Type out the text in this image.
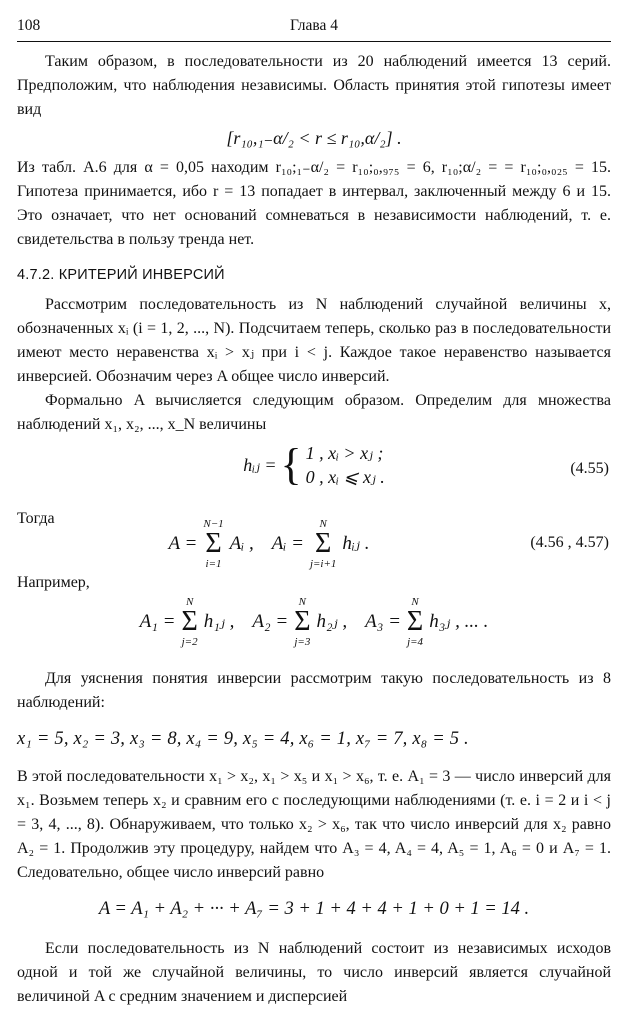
108	Глава 4

Таким образом, в последовательности из 20 наблюдений имеется 13 серий. Предположим, что наблюдения независимы. Область принятия этой гипотезы имеет вид

[r₁₀,₁₋α/₂ < r ≤ r₁₀,α/₂] .

Из табл. А.6 для α = 0,05 находим r₁₀;₁₋α/₂ = r₁₀;₀,₉₇₅ = 6, r₁₀;α/₂ = = r₁₀;₀,₀₂₅ = 15. Гипотеза принимается, ибо r = 13 попадает в интервал, заключенный между 6 и 15. Это означает, что нет оснований сомневаться в независимости наблюдений, т. е. свидетельства в пользу тренда нет.

4.7.2. КРИТЕРИЙ ИНВЕРСИЙ

Рассмотрим последовательность из N наблюдений случайной величины x, обозначенных xᵢ (i = 1, 2, ..., N). Подсчитаем теперь, сколько раз в последовательности имеют место неравенства xᵢ > xⱼ при i < j. Каждое такое неравенство называется инверсией. Обозначим через A общее число инверсий.

Формально A вычисляется следующим образом. Определим для множества наблюдений x₁, x₂, ..., x_N величины

hᵢⱼ = { 1 , xᵢ > xⱼ ;
0 , xᵢ ⩽ xⱼ .	(4.55)

Тогда

A =
N−1
Σ
i=1
Aᵢ , Aᵢ =
N
Σ
j=i+1
hᵢⱼ .	(4.56 , 4.57)

Например,

A₁ =
N
Σ
j=2
h₁ⱼ , A₂ =
N
Σ
j=3
h₂ⱼ , A₃ =
N
Σ
j=4
h₃ⱼ , ... .

Для уяснения понятия инверсии рассмотрим такую последовательность из 8 наблюдений:

x₁ = 5, x₂ = 3, x₃ = 8, x₄ = 9, x₅ = 4, x₆ = 1, x₇ = 7, x₈ = 5 .

В этой последовательности x₁ > x₂, x₁ > x₅ и x₁ > x₆, т. е. A₁ = 3 — число инверсий для x₁. Возьмем теперь x₂ и сравним его с последующими наблюдениями (т. е. i = 2 и i < j = 3, 4, ..., 8). Обнаруживаем, что только x₂ > x₆, так что число инверсий для x₂ равно A₂ = 1. Продолжив эту процедуру, найдем что A₃ = 4, A₄ = 4, A₅ = 1, A₆ = 0 и A₇ = 1. Следовательно, общее число инверсий равно

A = A₁ + A₂ + ··· + A₇ = 3 + 1 + 4 + 4 + 1 + 0 + 1 = 14 .

Если последовательность из N наблюдений состоит из независимых исходов одной и той же случайной величины, то число инверсий является случайной величиной A с средним значением и дисперсией
